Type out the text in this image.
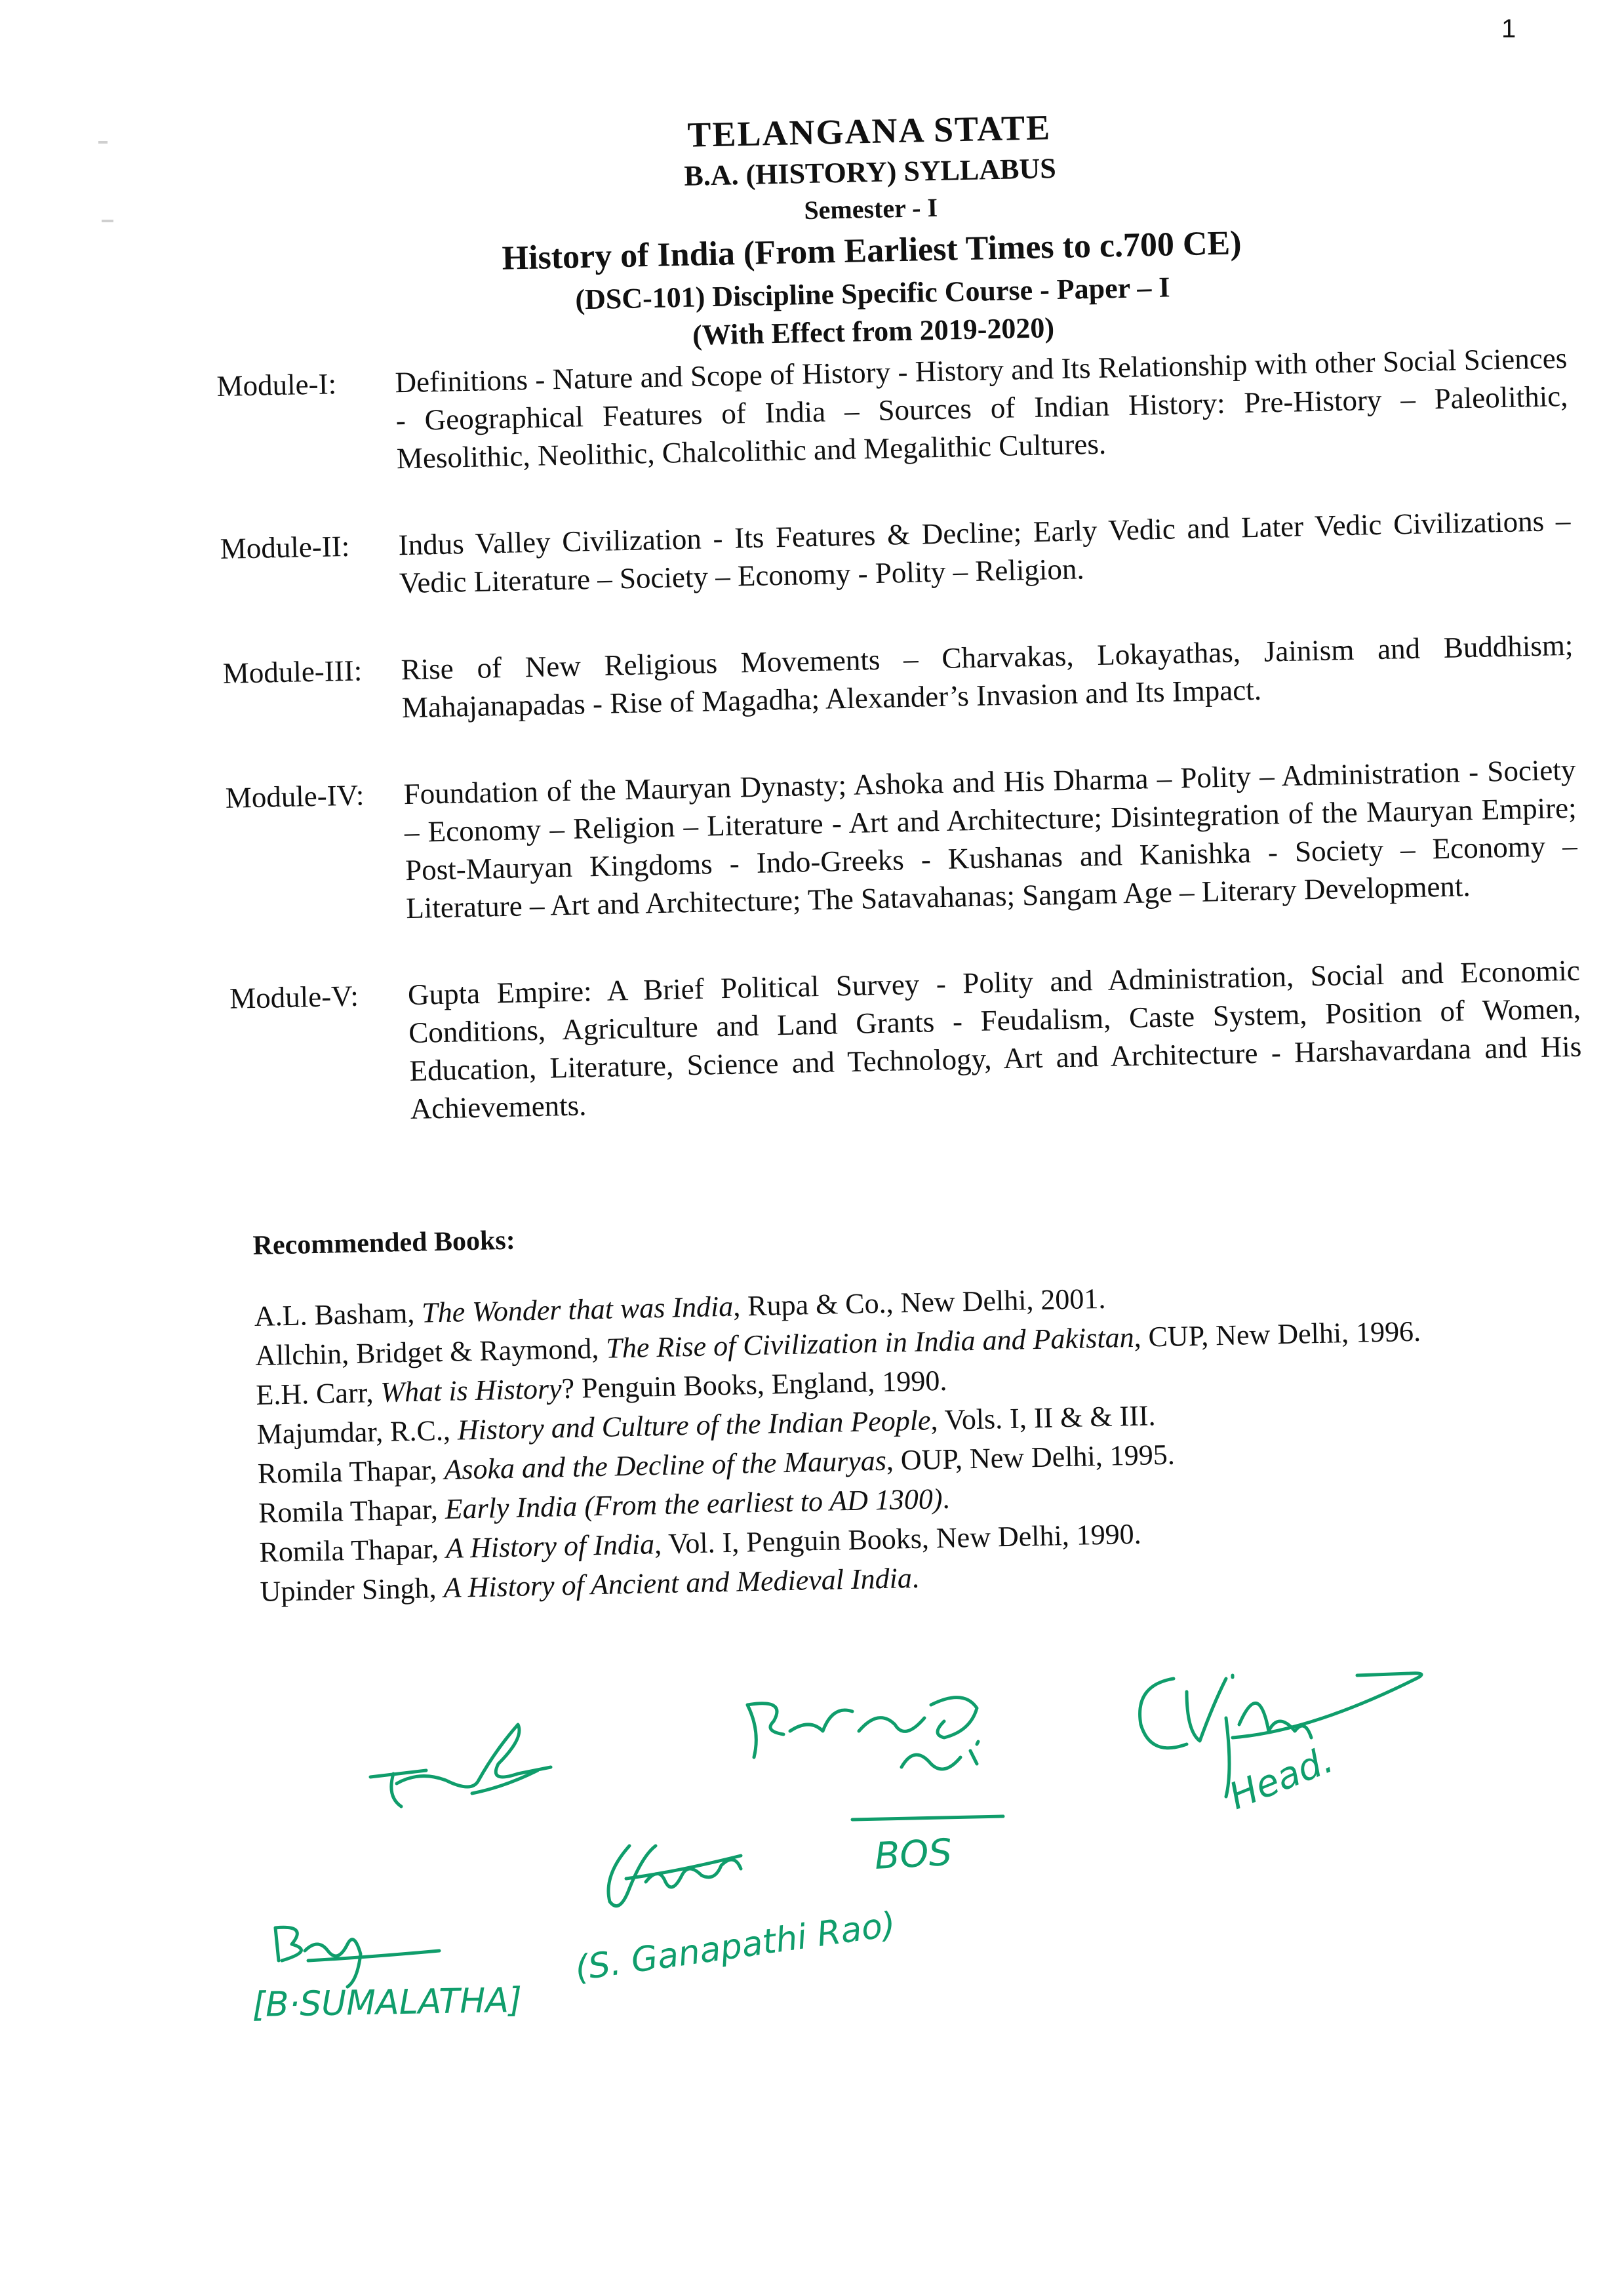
1
TELANGANA STATE
B.A. (HISTORY) SYLLABUS
Semester - I
History of India (From Earliest Times to c.700 CE)
(DSC-101) Discipline Specific Course - Paper – I
(With Effect from 2019-2020)
Module-I:	Definitions - Nature and Scope of History - History and Its Relationship with other Social Sciences - Geographical Features of India – Sources of Indian History: Pre-History – Paleolithic, Mesolithic, Neolithic, Chalcolithic and Megalithic Cultures.
Module-II:	Indus Valley Civilization - Its Features & Decline; Early Vedic and Later Vedic Civilizations – Vedic Literature – Society – Economy - Polity – Religion.
Module-III:	Rise of New Religious Movements – Charvakas, Lokayathas, Jainism and Buddhism; Mahajanapadas - Rise of Magadha; Alexander’s Invasion and Its Impact.
Module-IV:	Foundation of the Mauryan Dynasty; Ashoka and His Dharma – Polity – Administration - Society – Economy – Religion – Literature - Art and Architecture; Disintegration of the Mauryan Empire; Post-Mauryan Kingdoms - Indo-Greeks - Kushanas and Kanishka - Society – Economy – Literature – Art and Architecture; The Satavahanas; Sangam Age – Literary Development.
Module-V:	Gupta Empire: A Brief Political Survey - Polity and Administration, Social and Economic Conditions, Agriculture and Land Grants - Feudalism, Caste System, Position of Women, Education, Literature, Science and Technology, Art and Architecture - Harshavardana and His Achievements.
Recommended Books:
A.L. Basham, The Wonder that was India, Rupa & Co., New Delhi, 2001.
Allchin, Bridget & Raymond, The Rise of Civilization in India and Pakistan, CUP, New Delhi, 1996.
E.H. Carr, What is History? Penguin Books, England, 1990.
Majumdar, R.C., History and Culture of the Indian People, Vols. I, II & & III.
Romila Thapar, Asoka and the Decline of the Mauryas, OUP, New Delhi, 1995.
Romila Thapar, Early India (From the earliest to AD 1300).
Romila Thapar, A History of India, Vol. I, Penguin Books, New Delhi, 1990.
Upinder Singh, A History of Ancient and Medieval India.
BOS
Head.
[B·SUMALATHA]
(S. Ganapathi Rao)
